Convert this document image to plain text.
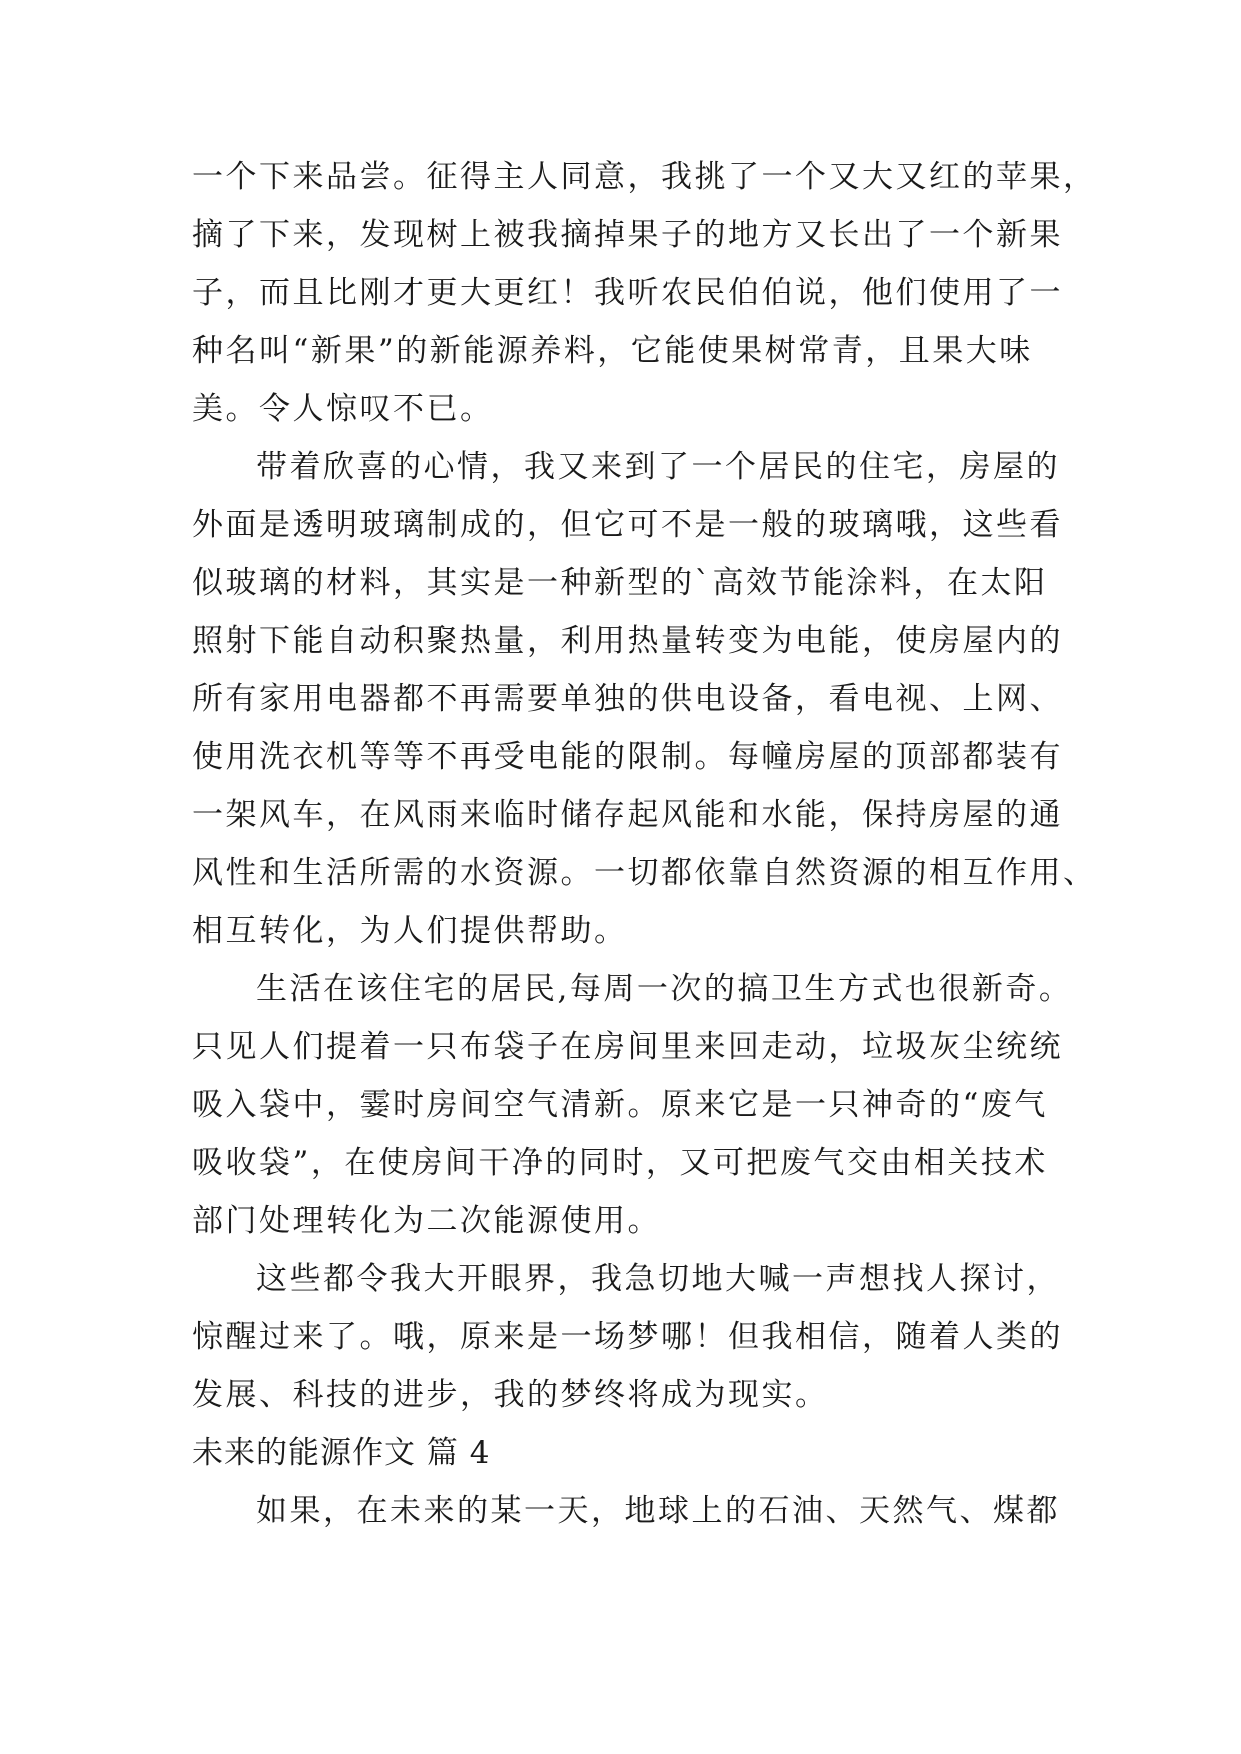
一个下来品尝。征得主人同意，我挑了一个又大又红的苹果，
摘了下来，发现树上被我摘掉果子的地方又长出了一个新果
子，而且比刚才更大更红！我听农民伯伯说，他们使用了一
种名叫“新果”的新能源养料，它能使果树常青，且果大味
美。令人惊叹不已。
带着欣喜的心情，我又来到了一个居民的住宅，房屋的
外面是透明玻璃制成的，但它可不是一般的玻璃哦，这些看
似玻璃的材料，其实是一种新型的`高效节能涂料，在太阳
照射下能自动积聚热量，利用热量转变为电能，使房屋内的
所有家用电器都不再需要单独的供电设备，看电视、上网、
使用洗衣机等等不再受电能的限制。每幢房屋的顶部都装有
一架风车，在风雨来临时储存起风能和水能，保持房屋的通
风性和生活所需的水资源。一切都依靠自然资源的相互作用、
相互转化，为人们提供帮助。
生活在该住宅的居民,每周一次的搞卫生方式也很新奇。
只见人们提着一只布袋子在房间里来回走动，垃圾灰尘统统
吸入袋中，霎时房间空气清新。原来它是一只神奇的“废气
吸收袋”，在使房间干净的同时，又可把废气交由相关技术
部门处理转化为二次能源使用。
这些都令我大开眼界，我急切地大喊一声想找人探讨，
惊醒过来了。哦，原来是一场梦哪！但我相信，随着人类的
发展、科技的进步，我的梦终将成为现实。
未来的能源作文 篇 4
如果，在未来的某一天，地球上的石油、天然气、煤都
